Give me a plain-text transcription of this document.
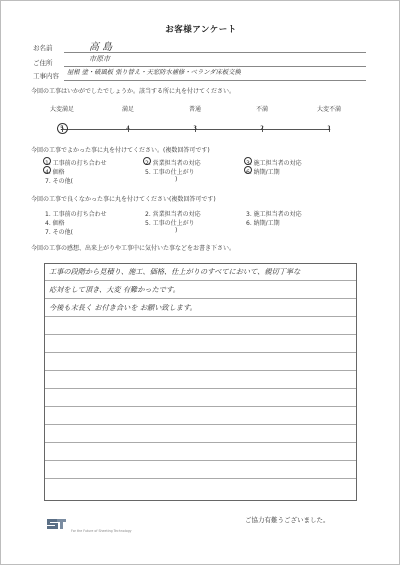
お客様アンケート
お名前	高 島
ご住所	市原市
工事内容 屋根 塗・破風板 張り替え・天窓防水補修・ベランダ床板交換
今回の工事はいかがでしたでしょうか。該当する所に丸を付けてください。
大変満足	満足	普通	不満	大変不満
5	4	3	2	1
今回の工事でよかった事に丸を付けてください。(複数回答可です)
1. 工事前の打ち合わせ	2. 営業担当者の対応	3. 施工担当者の対応
4. 価格	5. 工事の仕上がり	6. 納期/工期
7. その他(	)
今回の工事で良くなかった事に丸を付けてください(複数回答可です)
1. 工事前の打ち合わせ	2. 営業担当者の対応	3. 施工担当者の対応
4. 価格	5. 工事の仕上がり	6. 納期/工期
7. その他(	)
今回の工事の感想、出来上がりや工事中に気付いた事などをお書き下さい。
工事の段階から見積り、施工、価格、仕上がりのすべてにおいて、親切丁寧な
応対をして頂き、大変 有難かったです。
今後も末長く お付き合いを お願い致します。
For the Future of Sheeting Technology
ご協力有難うございました。
